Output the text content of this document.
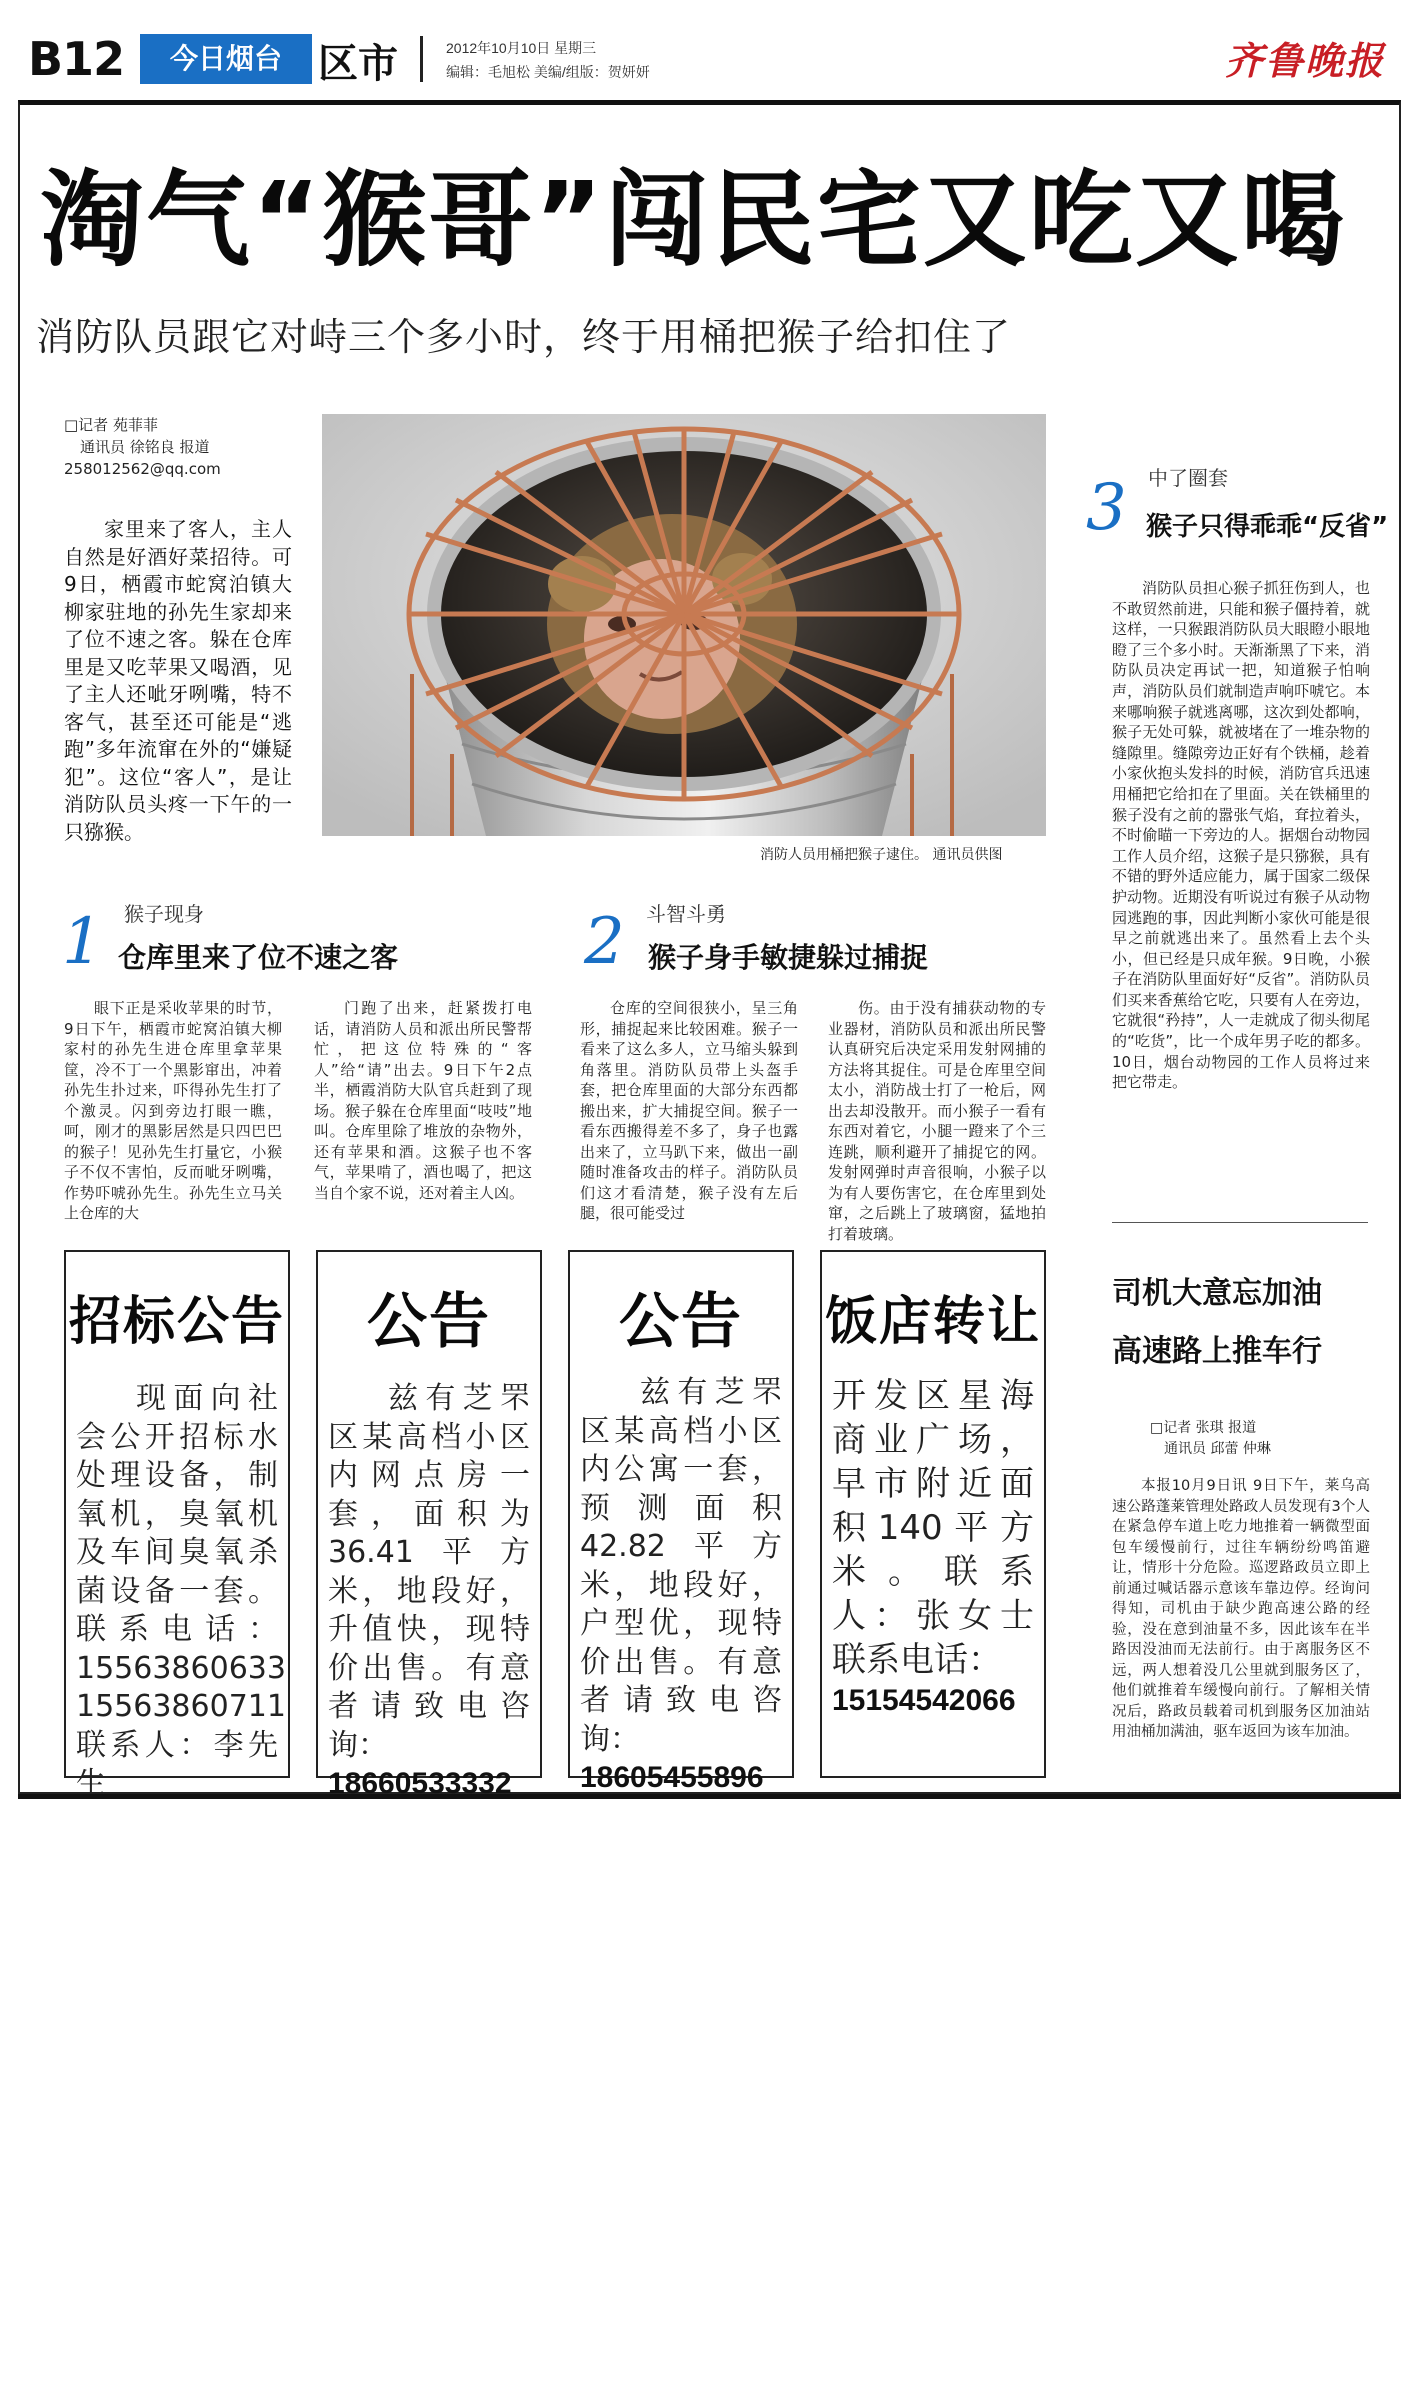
B12	今日烟台 区市	2012年10月10日 星期三
编辑：毛旭松 美编/组版：贺妍妍	齐鲁晚报
淘气“猴哥”闯民宅又吃又喝
消防队员跟它对峙三个多小时，终于用桶把猴子给扣住了
□记者 苑菲菲
通讯员 徐铭良 报道
258012562@qq.com
家里来了客人，主人自然是好酒好菜招待。可9日，栖霞市蛇窝泊镇大柳家驻地的孙先生家却来了位不速之客。躲在仓库里是又吃苹果又喝酒，见了主人还呲牙咧嘴，特不客气，甚至还可能是“逃跑”多年流窜在外的“嫌疑犯”。这位“客人”，是让消防队员头疼一下午的一只猕猴。
消防人员用桶把猴子逮住。 通讯员供图
1 猴子现身
仓库里来了位不速之客
眼下正是采收苹果的时节，9日下午，栖霞市蛇窝泊镇大柳家村的孙先生进仓库里拿苹果筐，冷不丁一个黑影窜出，冲着孙先生扑过来，吓得孙先生打了个激灵。闪到旁边打眼一瞧，呵，刚才的黑影居然是只四巴巴的猴子！见孙先生打量它，小猴子不仅不害怕，反而呲牙咧嘴，作势吓唬孙先生。孙先生立马关上仓库的大
门跑了出来，赶紧拨打电话，请消防人员和派出所民警帮忙，把这位特殊的“客人”给“请”出去。9日下午2点半，栖霞消防大队官兵赶到了现场。猴子躲在仓库里面“吱吱”地叫。仓库里除了堆放的杂物外，还有苹果和酒。这猴子也不客气，苹果啃了，酒也喝了，把这当自个家不说，还对着主人凶。
2 斗智斗勇
猴子身手敏捷躲过捕捉
仓库的空间很狭小，呈三角形，捕捉起来比较困难。猴子一看来了这么多人，立马缩头躲到角落里。消防队员带上头盔手套，把仓库里面的大部分东西都搬出来，扩大捕捉空间。猴子一看东西搬得差不多了，身子也露出来了，立马趴下来，做出一副随时准备攻击的样子。消防队员们这才看清楚，猴子没有左后腿，很可能受过
伤。由于没有捕获动物的专业器材，消防队员和派出所民警认真研究后决定采用发射网捕的方法将其捉住。可是仓库里空间太小，消防战士打了一枪后，网出去却没散开。而小猴子一看有东西对着它，小腿一蹬来了个三连跳，顺利避开了捕捉它的网。发射网弹时声音很响，小猴子以为有人要伤害它，在仓库里到处窜，之后跳上了玻璃窗，猛地拍打着玻璃。
3 中了圈套
猴子只得乖乖“反省”
消防队员担心猴子抓狂伤到人，也不敢贸然前进，只能和猴子僵持着，就这样，一只猴跟消防队员大眼瞪小眼地瞪了三个多小时。天渐渐黑了下来，消防队员决定再试一把，知道猴子怕响声，消防队员们就制造声响吓唬它。本来哪响猴子就逃离哪，这次到处都响，猴子无处可躲，就被堵在了一堆杂物的缝隙里。缝隙旁边正好有个铁桶，趁着小家伙抱头发抖的时候，消防官兵迅速用桶把它给扣在了里面。关在铁桶里的猴子没有之前的嚣张气焰，耷拉着头，不时偷瞄一下旁边的人。据烟台动物园工作人员介绍，这猴子是只猕猴，具有不错的野外适应能力，属于国家二级保护动物。近期没有听说过有猴子从动物园逃跑的事，因此判断小家伙可能是很早之前就逃出来了。虽然看上去个头小，但已经是只成年猴。9日晚，小猴子在消防队里面好好“反省”。消防队员们买来香蕉给它吃，只要有人在旁边，它就很“矜持”，人一走就成了彻头彻尾的“吃货”，比一个成年男子吃的都多。10日，烟台动物园的工作人员将过来把它带走。
招标公告
现面向社会公开招标水处理设备，制氧机，臭氧机及车间臭氧杀菌设备一套。联系电话：15563860633 15563860711 联系人：李先生
公告
兹有芝罘区某高档小区内网点房一套，面积为36.41平方米，地段好，升值快，现特价出售。有意者请致电咨询：
18660533332
公告
兹有芝罘区某高档小区内公寓一套，预测面积42.82平方米，地段好，户型优，现特价出售。有意者请致电咨询：
18605455896
饭店转让
开发区星海商业广场，早市附近面积140平方米。联系人：张女士 联系电话：
15154542066
司机大意忘加油
高速路上推车行
□记者 张琪 报道
通讯员 邱蕾 仲琳
本报10月9日讯 9日下午，莱乌高速公路蓬莱管理处路政人员发现有3个人在紧急停车道上吃力地推着一辆微型面包车缓慢前行，过往车辆纷纷鸣笛避让，情形十分危险。巡逻路政员立即上前通过喊话器示意该车靠边停。经询问得知，司机由于缺少跑高速公路的经验，没在意到油量不多，因此该车在半路因没油而无法前行。由于离服务区不远，两人想着没几公里就到服务区了，他们就推着车缓慢向前行。了解相关情况后，路政员载着司机到服务区加油站用油桶加满油，驱车返回为该车加油。
